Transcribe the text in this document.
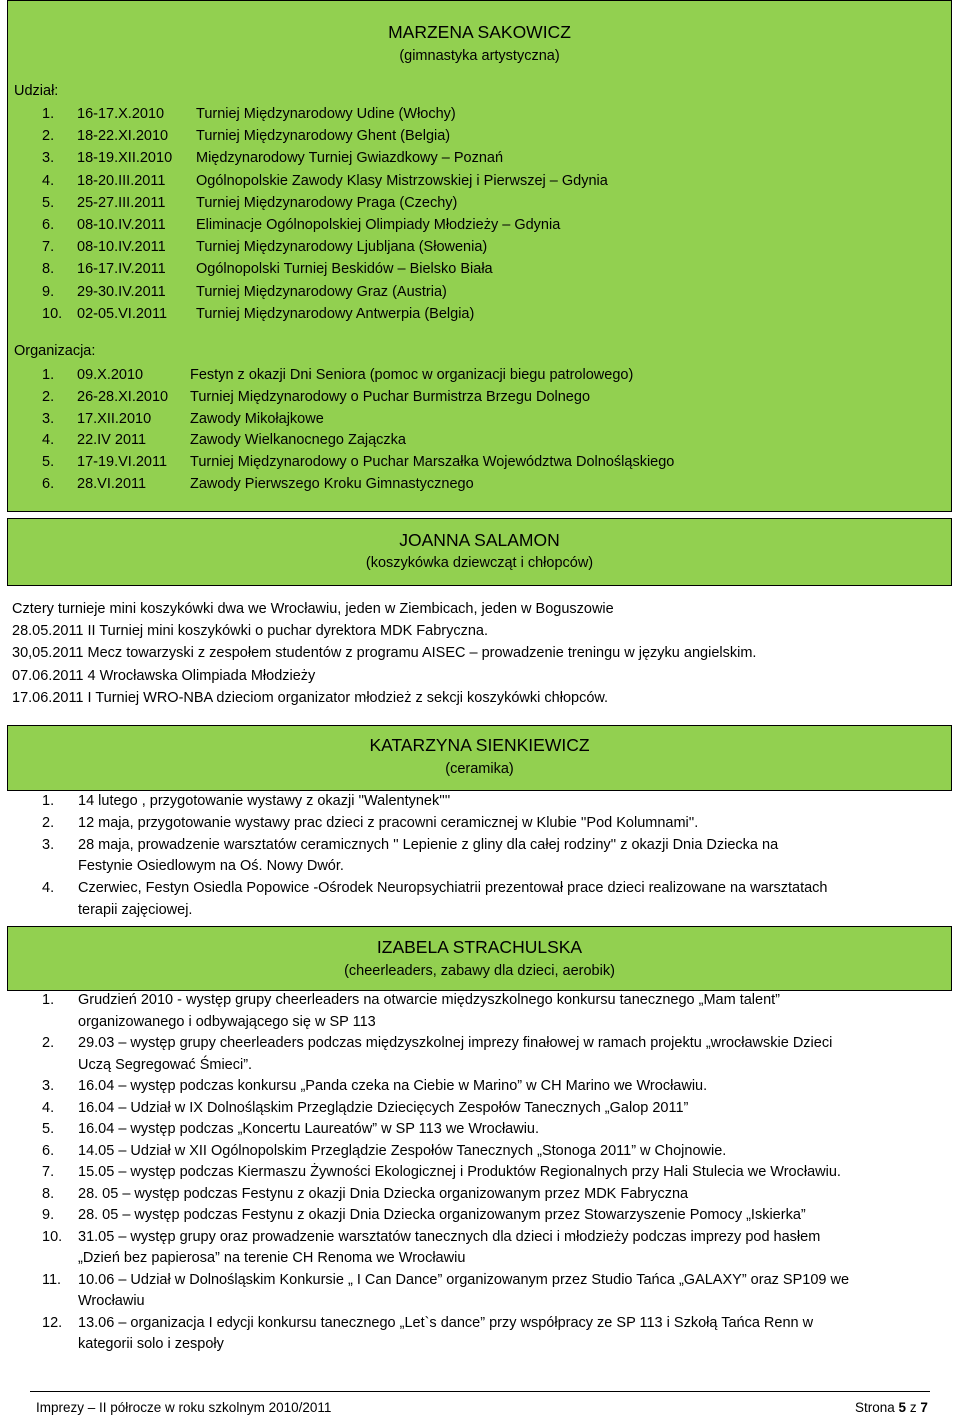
MARZENA SAKOWICZ
(gimnastyka artystyczna)
Udział:
1. 16-17.X.2010 Turniej Międzynarodowy Udine (Włochy)
2. 18-22.XI.2010 Turniej Międzynarodowy Ghent (Belgia)
3. 18-19.XII.2010 Międzynarodowy Turniej Gwiazdkowy – Poznań
4. 18-20.III.2011 Ogólnopolskie Zawody Klasy Mistrzowskiej i Pierwszej – Gdynia
5. 25-27.III.2011 Turniej Międzynarodowy Praga (Czechy)
6. 08-10.IV.2011 Eliminacje Ogólnopolskiej Olimpiady Młodzieży – Gdynia
7. 08-10.IV.2011 Turniej Międzynarodowy Ljubljana (Słowenia)
8. 16-17.IV.2011 Ogólnopolski Turniej Beskidów – Bielsko Biała
9. 29-30.IV.2011 Turniej Międzynarodowy Graz (Austria)
10. 02-05.VI.2011 Turniej Międzynarodowy Antwerpia (Belgia)
Organizacja:
1. 09.X.2010	Festyn z okazji Dni Seniora (pomoc w organizacji biegu patrolowego)
2. 26-28.XI.2010 Turniej Międzynarodowy o Puchar Burmistrza Brzegu Dolnego
3. 17.XII.2010	Zawody Mikołajkowe
4. 22.IV 2011	Zawody Wielkanocnego Zajączka
5. 17-19.VI.2011 Turniej Międzynarodowy o Puchar Marszałka Województwa Dolnośląskiego
6. 28.VI.2011	Zawody Pierwszego Kroku Gimnastycznego
JOANNA SALAMON
(koszykówka dziewcząt i chłopców)
Cztery turnieje mini koszykówki dwa we Wrocławiu, jeden w Ziembicach, jeden w Boguszowie
28.05.2011 II Turniej mini koszykówki o puchar dyrektora MDK Fabryczna.
30,05.2011 Mecz towarzyski z zespołem studentów z programu AISEC – prowadzenie treningu w języku angielskim.
07.06.2011 4 Wrocławska Olimpiada Młodzieży
17.06.2011 I Turniej WRO-NBA dzieciom organizator młodzież z sekcji koszykówki chłopców.
KATARZYNA SIENKIEWICZ
(ceramika)
1. 14 lutego , przygotowanie wystawy z okazji ''Walentynek''''
2. 12 maja, przygotowanie wystawy prac dzieci z pracowni ceramicznej w Klubie ''Pod Kolumnami''.
3. 28 maja, prowadzenie warsztatów ceramicznych '' Lepienie z gliny dla całej rodziny'' z okazji Dnia Dziecka na
Festynie Osiedlowym na Oś. Nowy Dwór.
4. Czerwiec, Festyn Osiedla Popowice -Ośrodek Neuropsychiatrii prezentował prace dzieci realizowane na warsztatach
terapii zajęciowej.
IZABELA STRACHULSKA
(cheerleaders, zabawy dla dzieci, aerobik)
1. Grudzień 2010 - występ grupy cheerleaders na otwarcie międzyszkolnego konkursu tanecznego „Mam talent”
organizowanego i odbywającego się w SP 113
2. 29.03 – występ grupy cheerleaders podczas międzyszkolnej imprezy finałowej w ramach projektu „wrocławskie Dzieci
Uczą Segregować Śmieci”.
3. 16.04 – występ podczas konkursu „Panda czeka na Ciebie w Marino” w CH Marino we Wrocławiu.
4. 16.04 – Udział w IX Dolnośląskim Przeglądzie Dziecięcych Zespołów Tanecznych „Galop 2011”
5. 16.04 – występ podczas „Koncertu Laureatów” w SP 113 we Wrocławiu.
6. 14.05 – Udział w XII Ogólnopolskim Przeglądzie Zespołów Tanecznych „Stonoga 2011” w Chojnowie.
7. 15.05 – występ podczas Kiermaszu Żywności Ekologicznej i Produktów Regionalnych przy Hali Stulecia we Wrocławiu.
8. 28. 05 – występ podczas Festynu z okazji Dnia Dziecka organizowanym przez MDK Fabryczna
9. 28. 05 – występ podczas Festynu z okazji Dnia Dziecka organizowanym przez Stowarzyszenie Pomocy „Iskierka”
10. 31.05 – występ grupy oraz prowadzenie warsztatów tanecznych dla dzieci i młodzieży podczas imprezy pod hasłem
„Dzień bez papierosa” na terenie CH Renoma we Wrocławiu
11. 10.06 – Udział w Dolnośląskim Konkursie „ I Can Dance” organizowanym przez Studio Tańca „GALAXY” oraz SP109 we
Wrocławiu
12. 13.06 – organizacja I edycji konkursu tanecznego „Let`s dance” przy współpracy ze SP 113 i Szkołą Tańca Renn w
kategorii solo i zespoły
Imprezy – II półrocze w roku szkolnym 2010/2011	Strona 5 z 7
